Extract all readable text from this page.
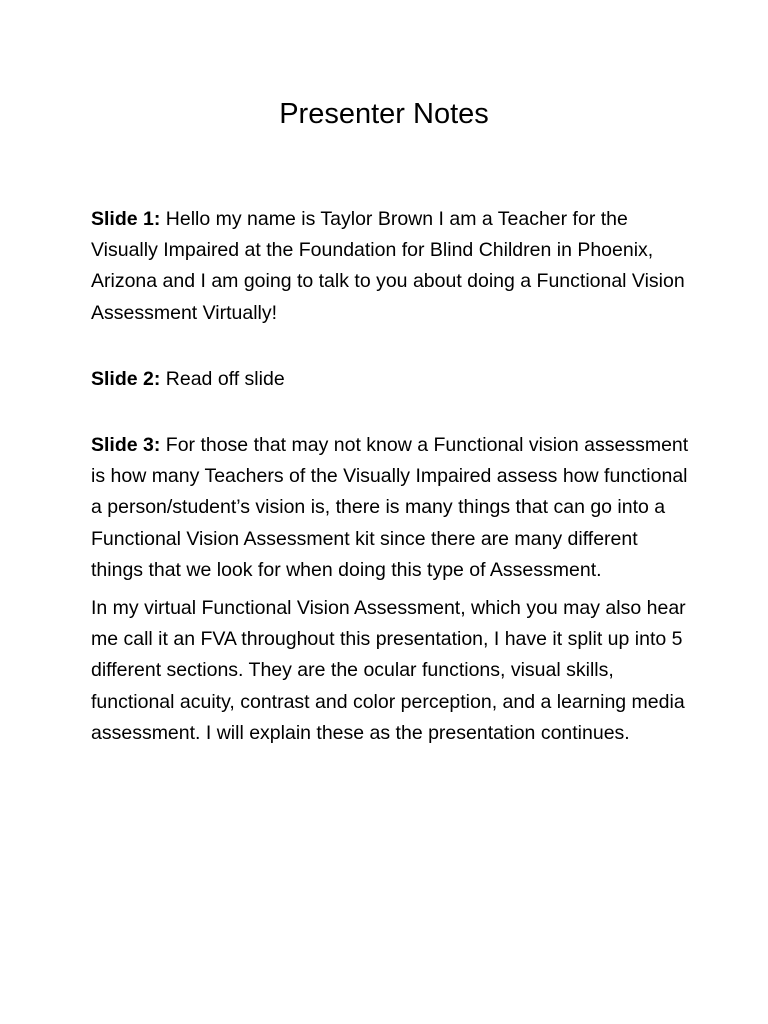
Presenter Notes

Slide 1: Hello my name is Taylor Brown I am a Teacher for the Visually Impaired at the Foundation for Blind Children in Phoenix, Arizona and I am going to talk to you about doing a Functional Vision Assessment Virtually!

Slide 2: Read off slide

Slide 3: For those that may not know a Functional vision assessment is how many Teachers of the Visually Impaired assess how functional a person/student’s vision is, there is many things that can go into a Functional Vision Assessment kit since there are many different things that we look for when doing this type of Assessment.

In my virtual Functional Vision Assessment, which you may also hear me call it an FVA throughout this presentation, I have it split up into 5 different sections. They are the ocular functions, visual skills, functional acuity, contrast and color perception, and a learning media assessment. I will explain these as the presentation continues.
